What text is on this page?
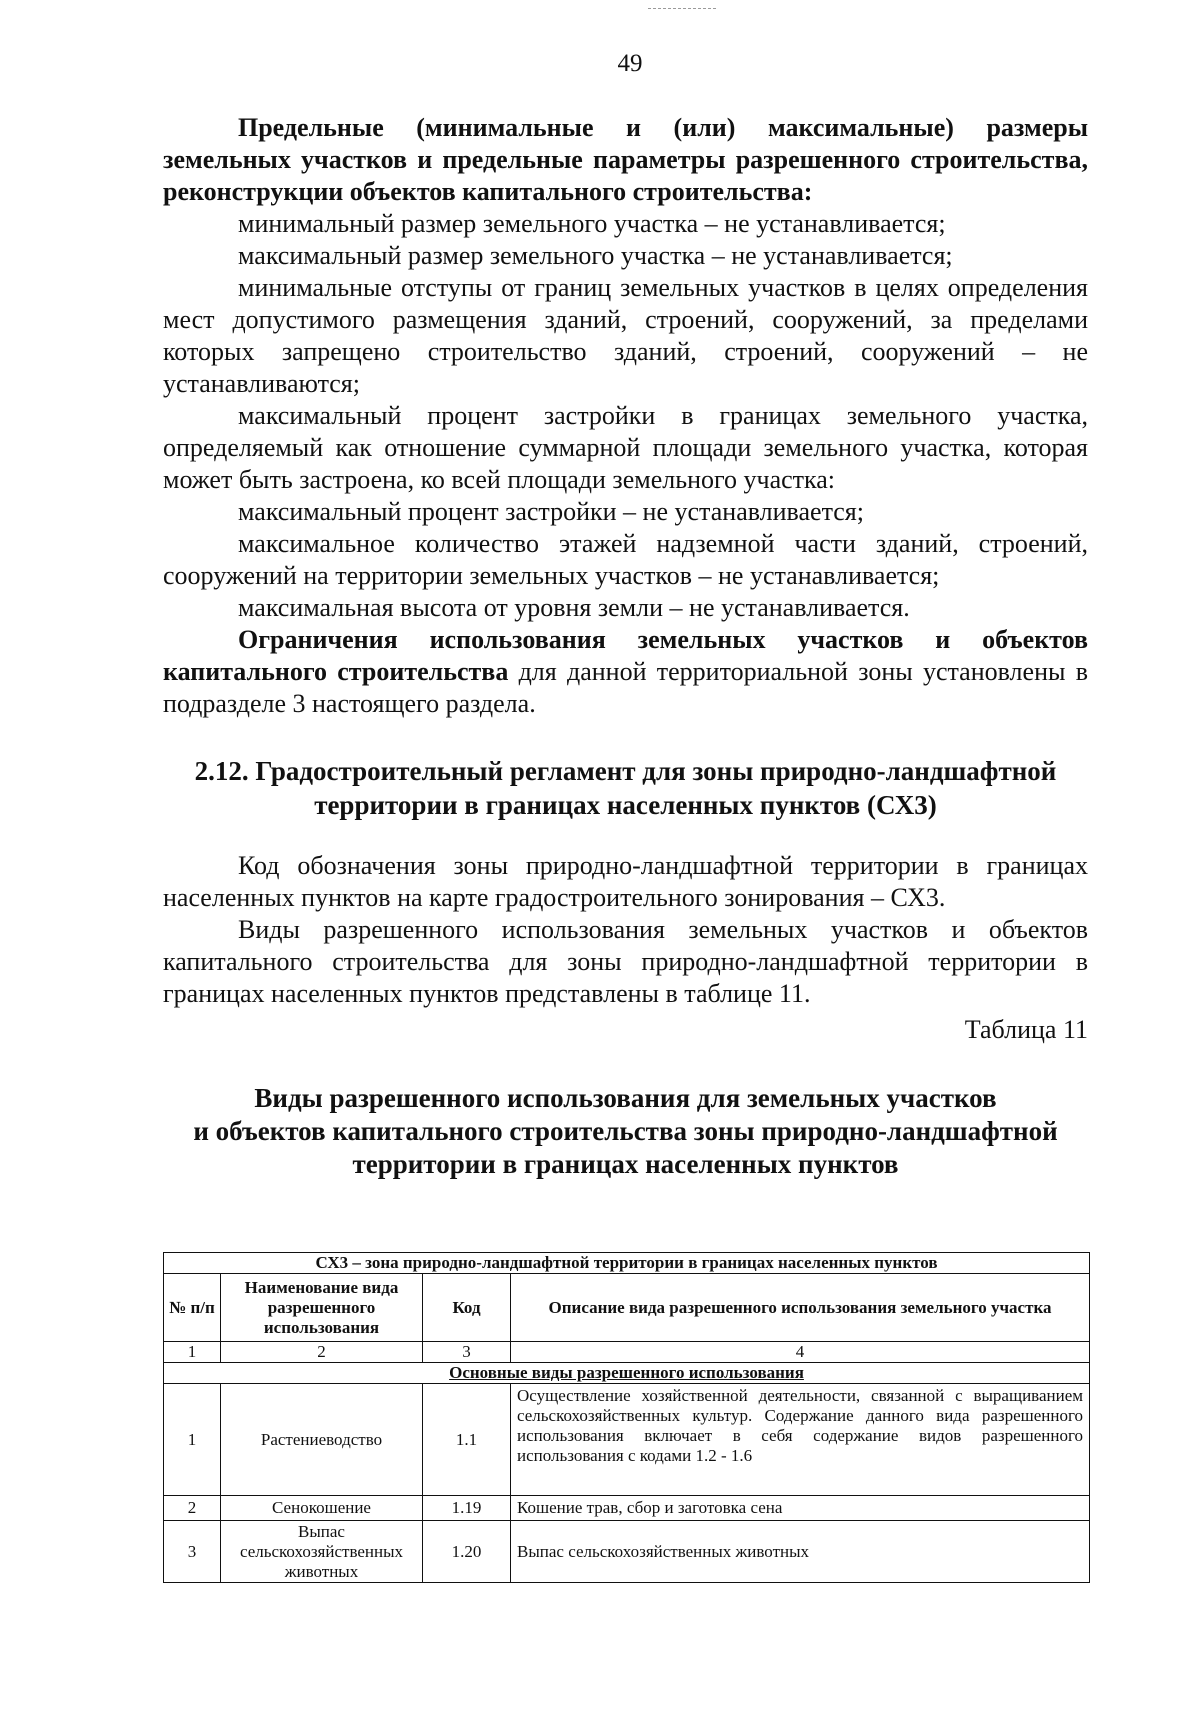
49

Предельные (минимальные и (или) максимальные) размеры земельных участков и предельные параметры разрешенного строительства, реконструкции объектов капитального строительства:

минимальный размер земельного участка – не устанавливается;

максимальный размер земельного участка – не устанавливается;

минимальные отступы от границ земельных участков в целях определения мест допустимого размещения зданий, строений, сооружений, за пределами которых запрещено строительство зданий, строений, сооружений – не устанавливаются;

максимальный процент застройки в границах земельного участка, определяемый как отношение суммарной площади земельного участка, которая может быть застроена, ко всей площади земельного участка:

максимальный процент застройки – не устанавливается;

максимальное количество этажей надземной части зданий, строений, сооружений на территории земельных участков – не устанавливается;

максимальная высота от уровня земли – не устанавливается.

Ограничения использования земельных участков и объектов капитального строительства для данной территориальной зоны установлены в подразделе 3 настоящего раздела.

2.12. Градостроительный регламент для зоны природно-ландшафтной

территории в границах населенных пунктов (СХ3)

Код обозначения зоны природно-ландшафтной территории в границах населенных пунктов на карте градостроительного зонирования – СХ3.

Виды разрешенного использования земельных участков и объектов капитального строительства для зоны природно-ландшафтной территории в границах населенных пунктов представлены в таблице 11.

Таблица 11

Виды разрешенного использования для земельных участков

и объектов капитального строительства зоны природно-ландшафтной

территории в границах населенных пунктов

СХ3 – зона природно-ландшафтной территории в границах населенных пунктов			
№ п/п	Наименование вида разрешенного использования	Код	Описание вида разрешенного использования земельного участка
1	2	3	4
Основные виды разрешенного использования			
1	Растениеводство	1.1	Осуществление хозяйственной деятельности, связанной с выращиванием сельскохозяйственных культур. Содержание данного вида разрешенного использования включает в себя содержание видов разрешенного использования с кодами 1.2 - 1.6
2	Сенокошение	1.19	Кошение трав, сбор и заготовка сена
3	Выпас сельскохозяйственных животных	1.20	Выпас сельскохозяйственных животных
